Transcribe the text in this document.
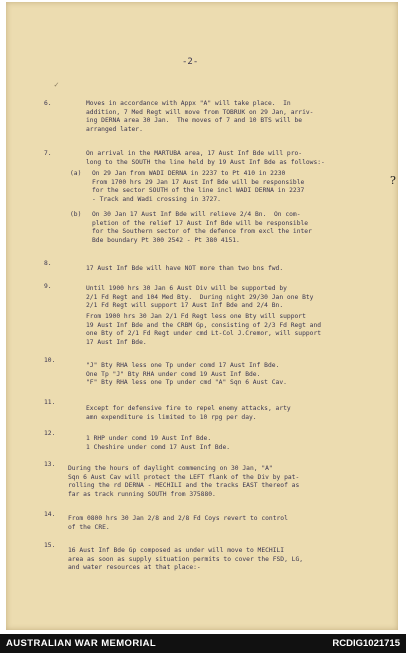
-2-
✓
?
6.	Moves in accordance with Appx "A" will take place.  In
addition, 7 Med Regt will move from TOBRUK on 29 Jan, arriv-
ing DERNA area 30 Jan.  The moves of 7 and 10 BTS will be
arranged later.
7.	On arrival in the MARTUBA area, 17 Aust Inf Bde will pro-
long to the SOUTH the line held by 19 Aust Inf Bde as follows:-
(a) On 29 Jan from WADI DERNA in 2237 to Pt 410 in 2230
From 1700 hrs 29 Jan 17 Aust Inf Bde will be responsible
for the sector SOUTH of the line incl WADI DERNA in 2237
- Track and Wadi crossing in 3727.
(b) On 30 Jan 17 Aust Inf Bde will relieve 2/4 Bn.  On com-
pletion of the relief 17 Aust Inf Bde will be responsible
for the Southern sector of the defence from excl the inter
Bde boundary Pt 300 2542 - Pt 380 4151.
8.
17 Aust Inf Bde will have NOT more than two bns fwd.
9.	Until 1900 hrs 30 Jan 6 Aust Div will be supported by
2/1 Fd Regt and 104 Med Bty.  During night 29/30 Jan one Bty
2/1 Fd Regt will support 17 Aust Inf Bde and 2/4 Bn.
From 1900 hrs 30 Jan 2/1 Fd Regt less one Bty will support
19 Aust Inf Bde and the CRBM Gp, consisting of 2/3 Fd Regt and
one Bty of 2/1 Fd Regt under cmd Lt-Col J.Cremor, will support
17 Aust Inf Bde.
10.
"J" Bty RHA less one Tp under comd 17 Aust Inf Bde.
One Tp "J" Bty RHA under comd 19 Aust Inf Bde.
"F" Bty RHA less one Tp under cmd "A" Sqn 6 Aust Cav.
11.
Except for defensive fire to repel enemy attacks, arty
amn expenditure is limited to 10 rpg per day.
12.
1 RHP under comd 19 Aust Inf Bde.
1 Cheshire under comd 17 Aust Inf Bde.
13.
During the hours of daylight commencing on 30 Jan, "A"
Sqn 6 Aust Cav will protect the LEFT flank of the Div by pat-
rolling the rd DERNA - MECHILI and the tracks EAST thereof as
far as track running SOUTH from 375880.
14.
From 0800 hrs 30 Jan 2/8 and 2/8 Fd Coys revert to control
of the CRE.
15.
16 Aust Inf Bde Gp composed as under will move to MECHILI
area as soon as supply situation permits to cover the FSD, LG,
and water resources at that place:-
AUSTRALIAN WAR MEMORIAL	RCDIG1021715
